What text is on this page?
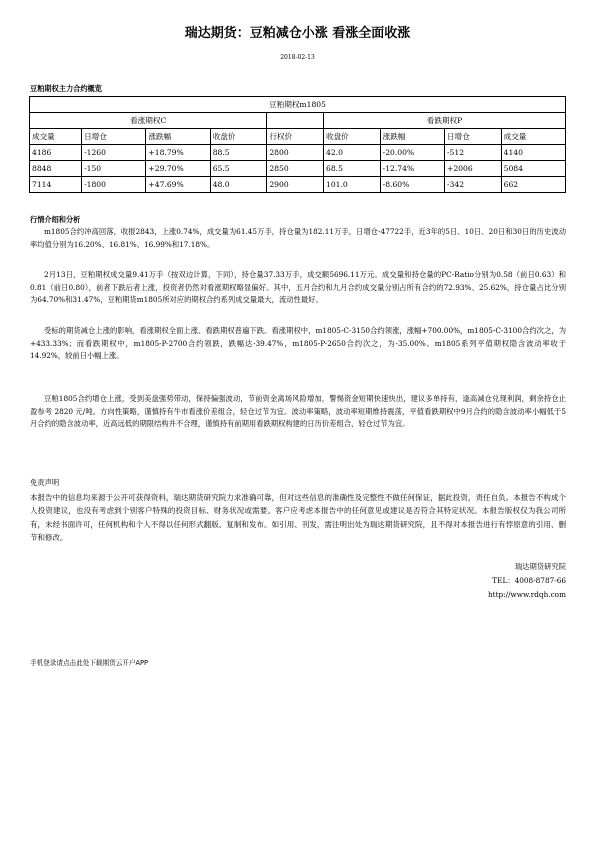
瑞达期货：豆粕减仓小涨 看涨全面收涨
2018-02-13
豆粕期权主力合约概览
豆粕期权m1805								
看涨期权C					看跌期权P			
成交量	日增仓	涨跌幅	收盘价	行权价	收盘价	涨跌幅	日增仓	成交量
4186	-1260	+18.79%	88.5	2800	42.0	-20.00%	-512	4140
8848	-150	+29.70%	65.5	2850	68.5	-12.74%	+2006	5084
7114	-1800	+47.69%	48.0	2900	101.0	-8.60%	-342	662
行情介绍和分析

m1805合约冲高回落，收报2843，上涨0.74%，成交量为61.45万手，持仓量为182.11万手，日增仓-47722手，近3年的5日、10日、20日和30日的历史波动率均值分别为16.20%、16.81%、16.99%和17.18%。

2月13日，豆粕期权成交量9.41万手（按双边计算，下同），持仓量37.33万手，成交额5696.11万元。成交量和持仓量的PC-Ratio分别为0.58（前日0.63）和0.81（前日0.80），前者下跌后者上涨，投资者仍然对看涨期权略显偏好。其中，五月合约和九月合约成交量分别占所有合约的72.93%、25.62%，持仓量占比分别为64.70%和31.47%，豆粕期货m1805所对应的期权合约系列成交量最大，流动性最好。

受标的期货减仓上涨的影响，看涨期权全面上涨、看跌期权普遍下跌。看涨期权中，m1805-C-3150合约领涨，涨幅+700.00%，m1805-C-3100合约次之，为+433.33%；而看跌期权中，m1805-P-2700合约领跌，跌幅达-39.47%，m1805-P-2650合约次之，为-35.00%。m1805系列平值期权隐含波动率收于14.92%，较前日小幅上涨。

豆粕1805合约增仓上涨，受到美盘强势带动，保持偏强波动，节前资金离场风险增加，警惕资金短期快速快出，建议多单持有，逢高减仓兑现利润，剩余持仓止盈参考 2820 元/吨。方向性策略，谨慎持有牛市看涨价差组合，轻仓过节为宜。波动率策略，波动率短期维持震荡，平值看跌期权中9月合约的隐含波动率小幅低于5月合约的隐含波动率，近高远低的期限结构并不合理，谨慎持有前期用看跌期权构建的日历价差组合，轻仓过节为宜。

免责声明
本报告中的信息均来源于公开可获得资料，瑞达期货研究院力求准确可靠，但对这些信息的准确性及完整性不做任何保证，据此投资，责任自负。本报告不构成个人投资建议，也没有考虑到个别客户特殊的投资目标、财务状况或需要。客户应考虑本报告中的任何意见或建议是否符合其特定状况。本报告版权仅为我公司所有，未经书面许可，任何机构和个人不得以任何形式翻版、复制和发布。如引用、刊发，需注明出处为瑞达期货研究院，且不得对本报告进行有悖原意的引用、删节和修改。
瑞达期货研究院
TEL：4008-8787-66
http://www.rdqh.com
手机登录请点击此处下载期货云开户APP
